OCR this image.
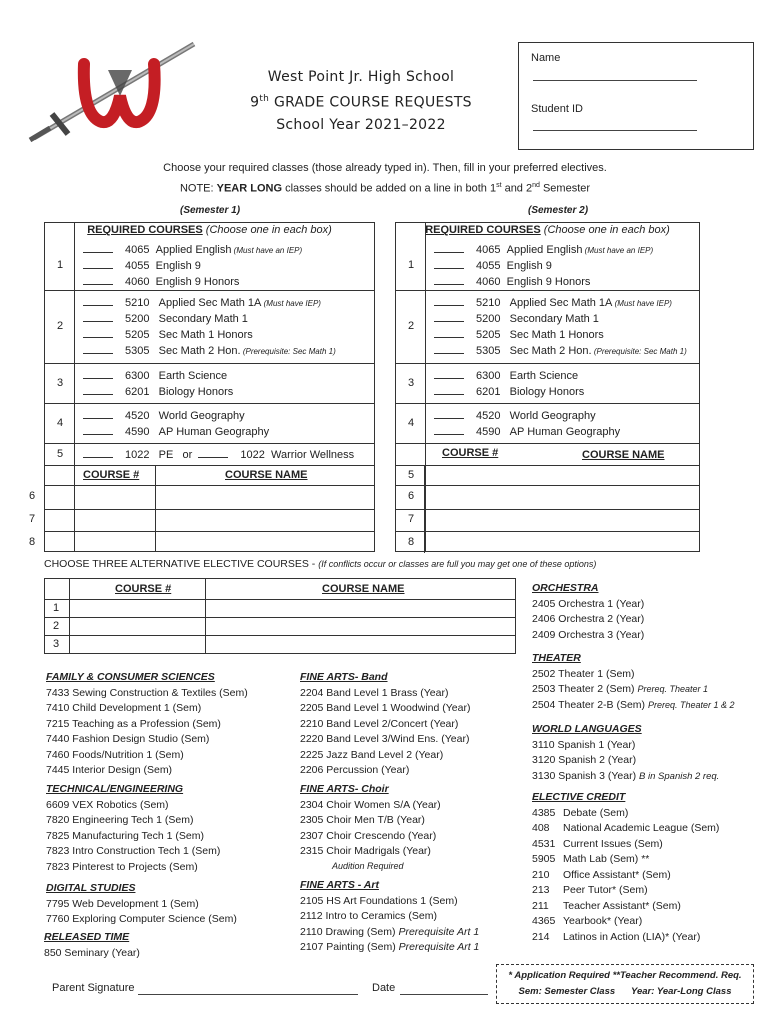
West Point Jr. High School
9th GRADE COURSE REQUESTS
School Year 2021–2022
Name
Student ID
Choose your required classes (those already typed in). Then, fill in your preferred electives.
NOTE: YEAR LONG classes should be added on a line in both 1st and 2nd Semester
(Semester 1)	(Semester 2)
REQUIRED COURSES (Choose one in each box)
1
4065 Applied English (Must have an IEP)
4055 English 9
4060 English 9 Honors
2
5210 Applied Sec Math 1A (Must have IEP)
5200 Secondary Math 1
5205 Sec Math 1 Honors
5305 Sec Math 2 Hon. (Prerequisite: Sec Math 1)
3
6300 Earth Science
6201 Biology Honors
4
4520 World Geography
4590 AP Human Geography
5	1022 PE or	1022 Warrior Wellness
COURSE #	COURSE NAME
6
7
8
REQUIRED COURSES (Choose one in each box)
1
4065 Applied English (Must have an IEP)
4055 English 9
4060 English 9 Honors
2
5210 Applied Sec Math 1A (Must have IEP)
5200 Secondary Math 1
5205 Sec Math 1 Honors
5305 Sec Math 2 Hon. (Prerequisite: Sec Math 1)
3
6300 Earth Science
6201 Biology Honors
4
4520 World Geography
4590 AP Human Geography
COURSE #	COURSE NAME
5
6
7
8
CHOOSE THREE ALTERNATIVE ELECTIVE COURSES - (If conflicts occur or classes are full you may get one of these options)
COURSE #	COURSE NAME
1
2
3
ORCHESTRA
2405 Orchestra 1 (Year)
2406 Orchestra 2 (Year)
2409 Orchestra 3 (Year)
THEATER
2502 Theater 1 (Sem)
2503 Theater 2 (Sem) Prereq. Theater 1
2504 Theater 2-B (Sem) Prereq. Theater 1 & 2
WORLD LANGUAGES
3110 Spanish 1 (Year)
3120 Spanish 2 (Year)
3130 Spanish 3 (Year) B in Spanish 2 req.
ELECTIVE CREDIT
4385 Debate (Sem)
408 National Academic League (Sem)
4531 Current Issues (Sem)
5905 Math Lab (Sem) **
210 Office Assistant* (Sem)
213 Peer Tutor* (Sem)
211 Teacher Assistant* (Sem)
4365 Yearbook* (Year)
214 Latinos in Action (LIA)* (Year)
FAMILY & CONSUMER SCIENCES
7433 Sewing Construction & Textiles (Sem)
7410 Child Development 1 (Sem)
7215 Teaching as a Profession (Sem)
7440 Fashion Design Studio (Sem)
7460 Foods/Nutrition 1 (Sem)
7445 Interior Design (Sem)
TECHNICAL/ENGINEERING
6609 VEX Robotics (Sem)
7820 Engineering Tech 1 (Sem)
7825 Manufacturing Tech 1 (Sem)
7823 Intro Construction Tech 1 (Sem)
7823 Pinterest to Projects (Sem)
DIGITAL STUDIES
7795 Web Development 1 (Sem)
7760 Exploring Computer Science (Sem)
RELEASED TIME
850 Seminary (Year)
FINE ARTS- Band
2204 Band Level 1 Brass (Year)
2205 Band Level 1 Woodwind (Year)
2210 Band Level 2/Concert (Year)
2220 Band Level 3/Wind Ens. (Year)
2225 Jazz Band Level 2 (Year)
2206 Percussion (Year)
FINE ARTS- Choir
2304 Choir Women S/A (Year)
2305 Choir Men T/B (Year)
2307 Choir Crescendo (Year)
2315 Choir Madrigals (Year)
Audition Required
FINE ARTS - Art
2105 HS Art Foundations 1 (Sem)
2112 Intro to Ceramics (Sem)
2110 Drawing (Sem) Prerequisite Art 1
2107 Painting (Sem) Prerequisite Art 1
Parent Signature	Date
* Application Required **Teacher Recommend. Req.
Sem: Semester Class Year: Year-Long Class
